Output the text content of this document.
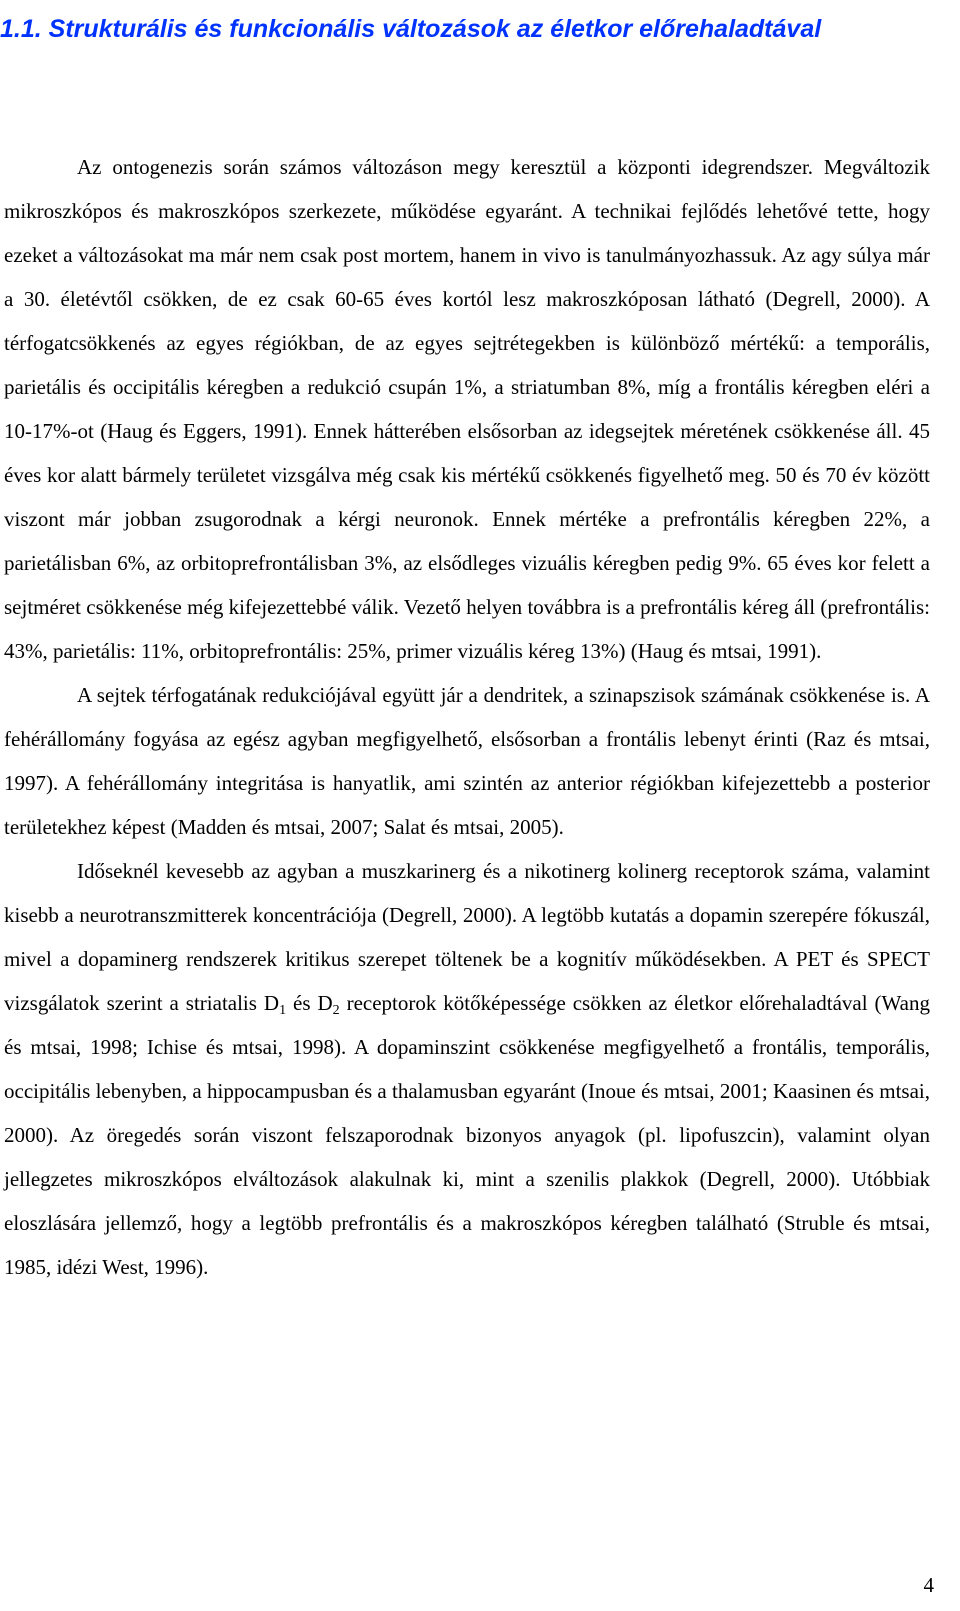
1.1. Strukturális és funkcionális változások az életkor előrehaladtával

Az ontogenezis során számos változáson megy keresztül a központi idegrendszer. Megváltozik mikroszkópos és makroszkópos szerkezete, működése egyaránt. A technikai fejlődés lehetővé tette, hogy ezeket a változásokat ma már nem csak post mortem, hanem in vivo is tanulmányozhassuk. Az agy súlya már a 30. életévtől csökken, de ez csak 60-65 éves kortól lesz makroszkóposan látható (Degrell, 2000). A térfogatcsökkenés az egyes régiókban, de az egyes sejtrétegekben is különböző mértékű: a temporális, parietális és occipitális kéregben a redukció csupán 1%, a striatumban 8%, míg a frontális kéregben eléri a 10-17%-ot (Haug és Eggers, 1991). Ennek hátterében elsősorban az idegsejtek méretének csökkenése áll. 45 éves kor alatt bármely területet vizsgálva még csak kis mértékű csökkenés figyelhető meg. 50 és 70 év között viszont már jobban zsugorodnak a kérgi neuronok. Ennek mértéke a prefrontális kéregben 22%, a parietálisban 6%, az orbitoprefrontálisban 3%, az elsődleges vizuális kéregben pedig 9%. 65 éves kor felett a sejtméret csökkenése még kifejezettebbé válik. Vezető helyen továbbra is a prefrontális kéreg áll (prefrontális: 43%, parietális: 11%, orbitoprefrontális: 25%, primer vizuális kéreg 13%) (Haug és mtsai, 1991).

A sejtek térfogatának redukciójával együtt jár a dendritek, a szinapszisok számának csökkenése is. A fehérállomány fogyása az egész agyban megfigyelhető, elsősorban a frontális lebenyt érinti (Raz és mtsai, 1997). A fehérállomány integritása is hanyatlik, ami szintén az anterior régiókban kifejezettebb a posterior területekhez képest (Madden és mtsai, 2007; Salat és mtsai, 2005).

Időseknél kevesebb az agyban a muszkarinerg és a nikotinerg kolinerg receptorok száma, valamint kisebb a neurotranszmitterek koncentrációja (Degrell, 2000). A legtöbb kutatás a dopamin szerepére fókuszál, mivel a dopaminerg rendszerek kritikus szerepet töltenek be a kognitív működésekben. A PET és SPECT vizsgálatok szerint a striatalis $D_1$ és $D_2$ receptorok kötőképessége csökken az életkor előrehaladtával (Wang és mtsai, 1998; Ichise és mtsai, 1998). A dopaminszint csökkenése megfigyelhető a frontális, temporális, occipitális lebenyben, a hippocampusban és a thalamusban egyaránt (Inoue és mtsai, 2001; Kaasinen és mtsai, 2000). Az öregedés során viszont felszaporodnak bizonyos anyagok (pl. lipofuszcin), valamint olyan jellegzetes mikroszkópos elváltozások alakulnak ki, mint a szenilis plakkok (Degrell, 2000). Utóbbiak eloszlására jellemző, hogy a legtöbb prefrontális és a makroszkópos kéregben található (Struble és mtsai, 1985, idézi West, 1996).

4
